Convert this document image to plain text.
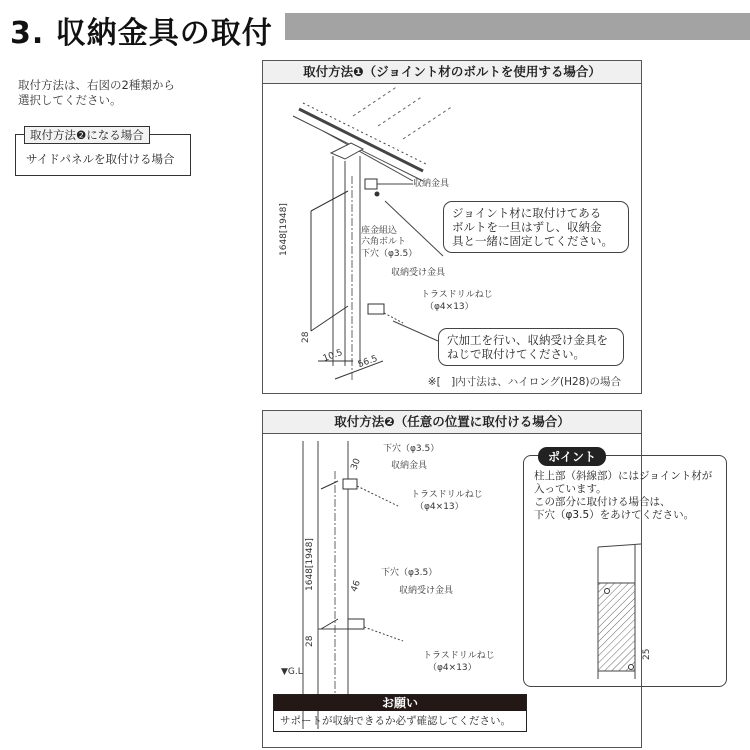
3. 収納金具の取付
取付方法は、右図の2種類から
選択してください。
取付方法❷になる場合
サイドパネルを取付ける場合
取付方法❶（ジョイント材のボルトを使用する場合）
収納金具
座金組込
六角ボルト
下穴（φ3.5）
収納受け金具
トラスドリルねじ
（φ4×13）
1648[1948]
28
10.5 56.5
ジョイント材に取付けてある
ボルトを一旦はずし、収納金
具と一緒に固定してください。
穴加工を行い、収納受け金具を
ねじで取付けてください。
※[　]内寸法は、ハイロング(H28)の場合
取付方法❷（任意の位置に取付ける場合）
下穴（φ3.5）
収納金具
トラスドリルねじ
（φ4×13）
30
1648[1948]	下穴（φ3.5）
46	収納受け金具
28
トラスドリルねじ
（φ4×13）
▼G.L
ポイント
柱上部（斜線部）にはジョイント材が
入っています。
この部分に取付ける場合は、
下穴（φ3.5）をあけてください。
25
お願い
サポートが収納できるか必ず確認してください。
